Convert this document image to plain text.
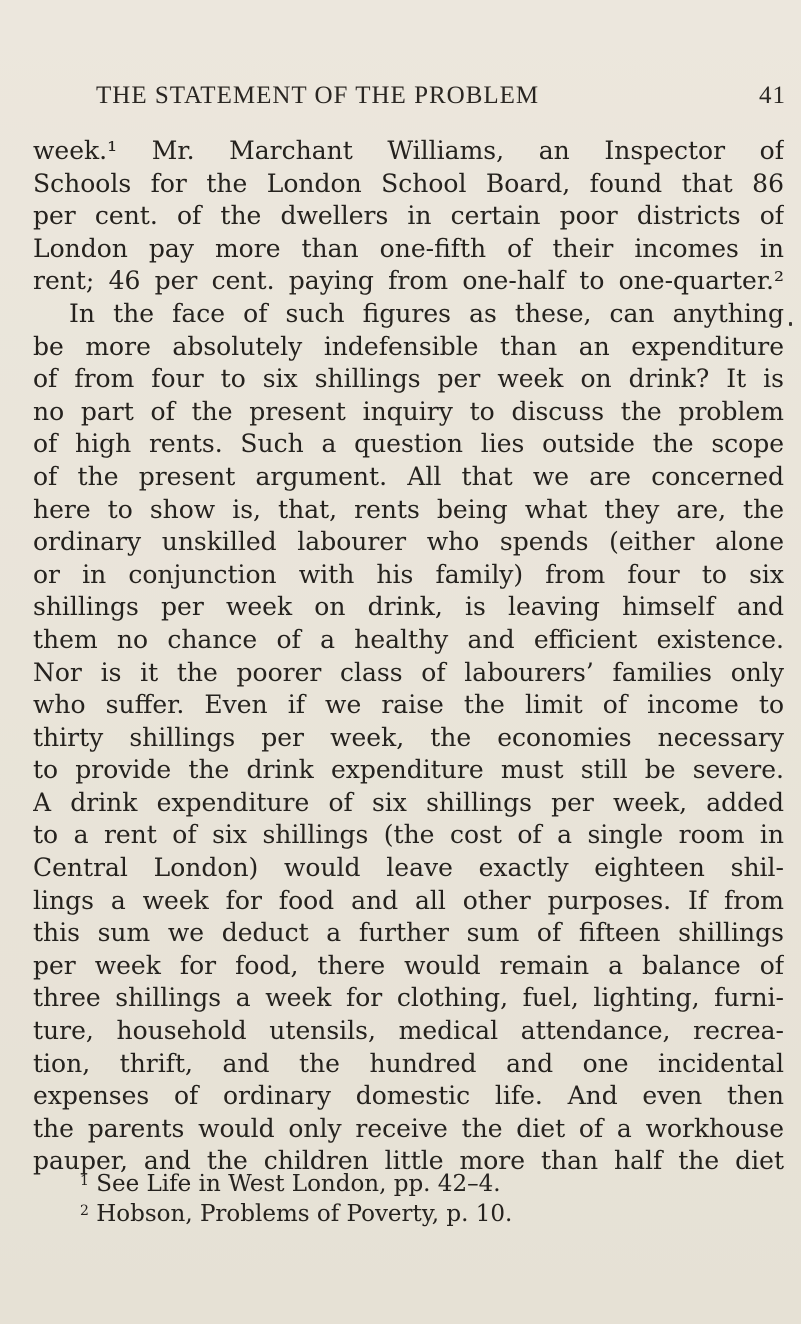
THE STATEMENT OF THE PROBLEM	41
week.¹ Mr. Marchant Williams, an Inspector of
Schools for the London School Board, found that 86
per cent. of the dwellers in certain poor districts of
London pay more than one-fifth of their incomes in
rent; 46 per cent. paying from one-half to one-quarter.²
In the face of such figures as these, can anything
be more absolutely indefensible than an expenditure
of from four to six shillings per week on drink? It is
no part of the present inquiry to discuss the problem
of high rents. Such a question lies outside the scope
of the present argument. All that we are concerned
here to show is, that, rents being what they are, the
ordinary unskilled labourer who spends (either alone
or in conjunction with his family) from four to six
shillings per week on drink, is leaving himself and
them no chance of a healthy and efficient existence.
Nor is it the poorer class of labourers’ families only
who suffer. Even if we raise the limit of income to
thirty shillings per week, the economies necessary
to provide the drink expenditure must still be severe.
A drink expenditure of six shillings per week, added
to a rent of six shillings (the cost of a single room in
Central London) would leave exactly eighteen shil-
lings a week for food and all other purposes. If from
this sum we deduct a further sum of fifteen shillings
per week for food, there would remain a balance of
three shillings a week for clothing, fuel, lighting, furni-
ture, household utensils, medical attendance, recrea-
tion, thrift, and the hundred and one incidental
expenses of ordinary domestic life. And even then
the parents would only receive the diet of a workhouse
pauper, and the children little more than half the diet
$^1$ See Life in West London, pp. 42–4.
$^2$ Hobson, Problems of Poverty, p. 10.
